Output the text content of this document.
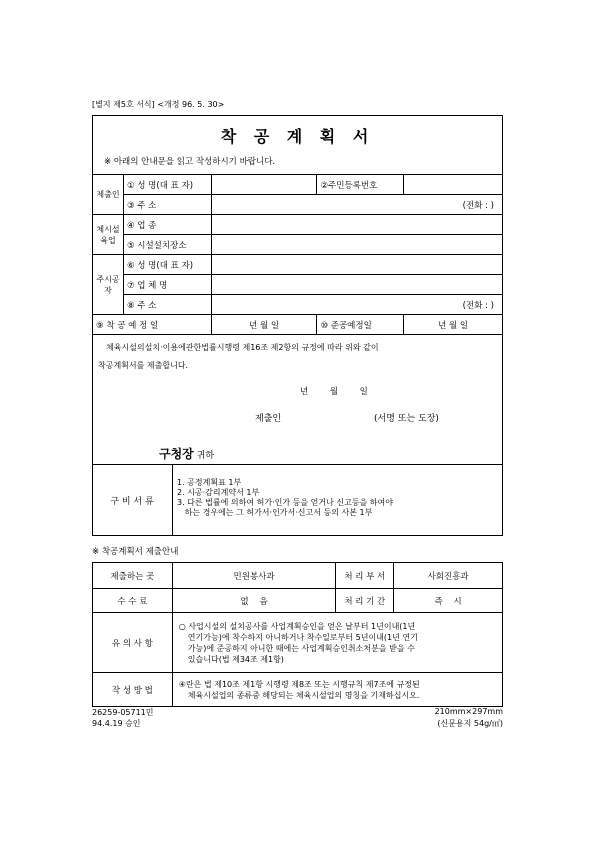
[별지 제5호 서식] <개정 96. 5. 30>
착 공 계 획 서
※ 아래의 안내문을 읽고 작성하시기 바랍니다.
제출인	① 성 명(대 표 자)		②주민등록번호	
	③ 주 소	(전화 : )		
체시설육업	④ 업 종			
	⑤ 시설설치장소			
주시공자	⑥ 성 명(대 표 자)			
	⑦ 업 체 명			
	⑧ 주 소	(전화 : )		
⑨ 착 공 예 정 일		년 월 일	⑩ 준공예정일	년 월 일
체육시설의설치·이용에관한법률시행령 제16조 제2항의 규정에 따라 위와 같이
착공계획서를 제출합니다.
년        월        일
제출인	(서명 또는 도장)
구청장 귀하
구 비 서 류
1. 공정계획표 1부
2. 시공·감리계약서 1부
3. 다른 법률에 의하여 허가·인가 등을 얻거나 신고등을 하여야
하는 경우에는 그 허가서·인가서·신고서 등의 사본 1부
※ 착공계획서 제출안내
제출하는 곳	민원봉사과	처 리 부 서	사회진흥과
수 수 료	없    음	처 리 기 간	즉    시
유 의 사 항	○ 사업시설의 설치공사를 사업계획승인을 얻은 날부터 1년이내(1년
연기가능)에 착수하지 아니하거나 착수일로부터 5년이내(1년 연기
가능)에 준공하지 아니한 때에는 사업계획승인취소처분을 받을 수
있습니다(법 제34조 제1항)		

작 성 방 법	④란은 법 제10조 제1항 시행령 제8조 또는 시행규칙 제7조에 규정된
체육시설업의 종류중 해당되는 체육시설업의 명칭을 기재하십시오.		
26259-05711민
94.4.19 승인
210mm×297mm
(신문용지 54g/㎡)
